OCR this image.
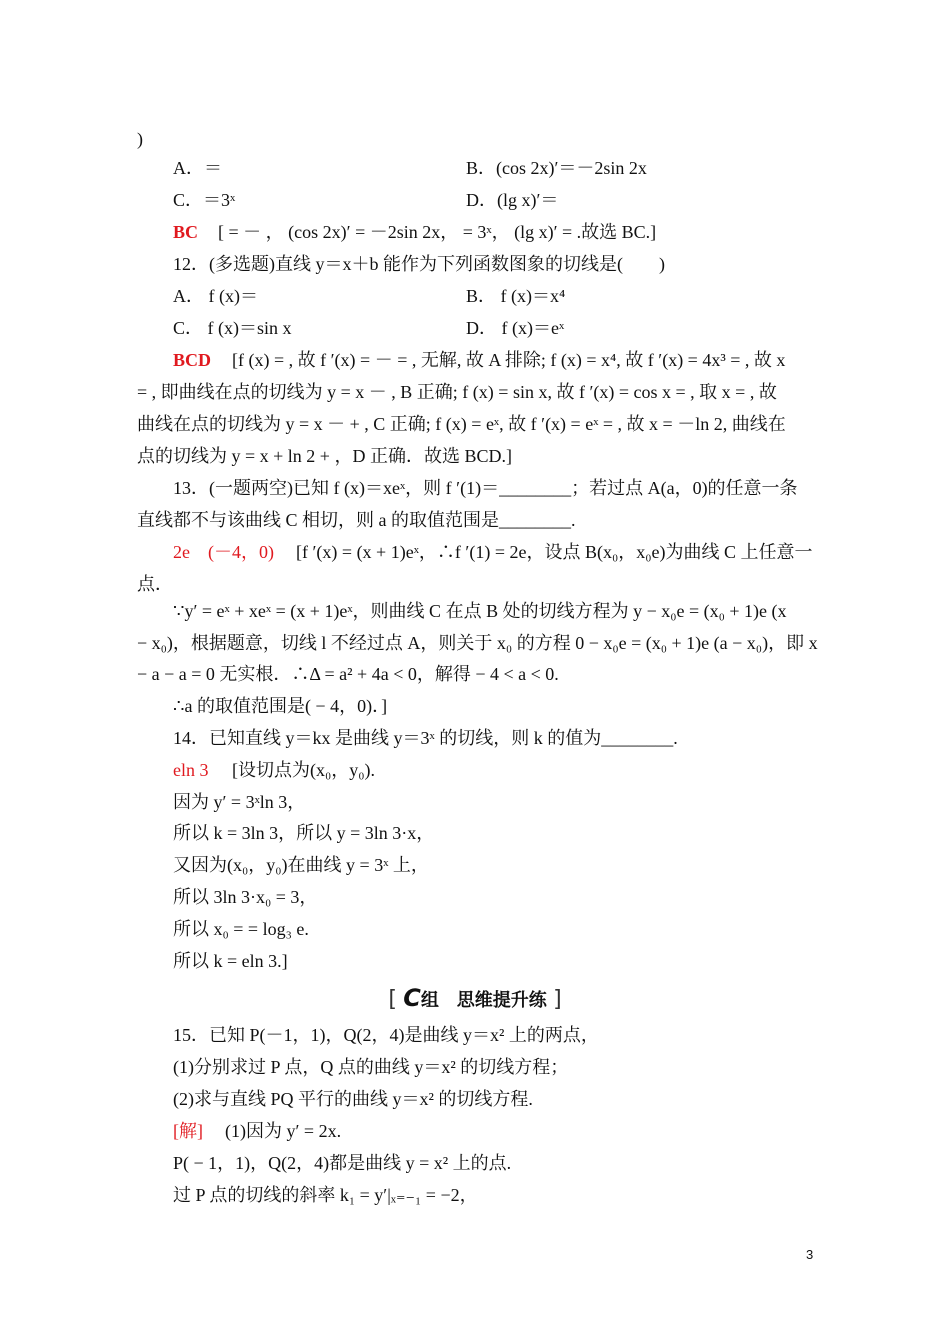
)
A．＝	B．(cos 2x)′＝－2sin 2x
C．＝3ˣ	D．(lg x)′＝
BC [ = － ， (cos 2x)′ = －2sin 2x， = 3ˣ， (lg x)′ = .故选 BC.]
12．(多选题)直线 y＝x＋b 能作为下列函数图象的切线是(　　)
A． f (x)＝	B． f (x)＝x⁴
C． f (x)＝sin x	D． f (x)＝eˣ
BCD [f (x) = , 故 f ′(x) = － = , 无解, 故 A 排除; f (x) = x⁴, 故 f ′(x) = 4x³ = , 故 x
= , 即曲线在点的切线为 y = x － , B 正确; f (x) = sin x, 故 f ′(x) = cos x = , 取 x = , 故
曲线在点的切线为 y = x － + , C 正确; f (x) = eˣ, 故 f ′(x) = eˣ = , 故 x = －ln 2, 曲线在
点的切线为 y = x + ln 2 + ，D 正确．故选 BCD.]
13．(一题两空)已知 f (x)＝xeˣ，则 f ′(1)＝________；若过点 A(a，0)的任意一条
直线都不与该曲线 C 相切，则 a 的取值范围是________.
2e　(－4，0) [f ′(x) = (x + 1)eˣ，∴f ′(1) = 2e，设点 B(x₀，x₀e)为曲线 C 上任意一
点．
∵y′ = eˣ + xeˣ = (x + 1)eˣ，则曲线 C 在点 B 处的切线方程为 y − x₀e = (x₀ + 1)e (x
− x₀)，根据题意，切线 l 不经过点 A，则关于 x₀ 的方程 0 − x₀e = (x₀ + 1)e (a − x₀)，即 x
− a − a = 0 无实根．∴Δ = a² + 4a < 0，解得 − 4 < a < 0.
∴a 的取值范围是( − 4，0)．]
14．已知直线 y＝kx 是曲线 y＝3ˣ 的切线，则 k 的值为________.
eln 3 [设切点为(x₀，y₀).
因为 y′ = 3ˣln 3，
所以 k = 3ln 3，所以 y = 3ln 3·x，
又因为(x₀，y₀)在曲线 y = 3ˣ 上，
所以 3ln 3·x₀ = 3，
所以 x₀ = = log₃ e.
所以 k = eln 3.]
[ C组　思维提升练 ]
15．已知 P(－1，1)，Q(2，4)是曲线 y＝x² 上的两点，
(1)分别求过 P 点，Q 点的曲线 y＝x² 的切线方程；
(2)求与直线 PQ 平行的曲线 y＝x² 的切线方程.
[解] (1)因为 y′ = 2x.
P( − 1，1)，Q(2，4)都是曲线 y = x² 上的点.
过 P 点的切线的斜率 k₁ = y′|ₓ₌₋₁ = −2，
3
